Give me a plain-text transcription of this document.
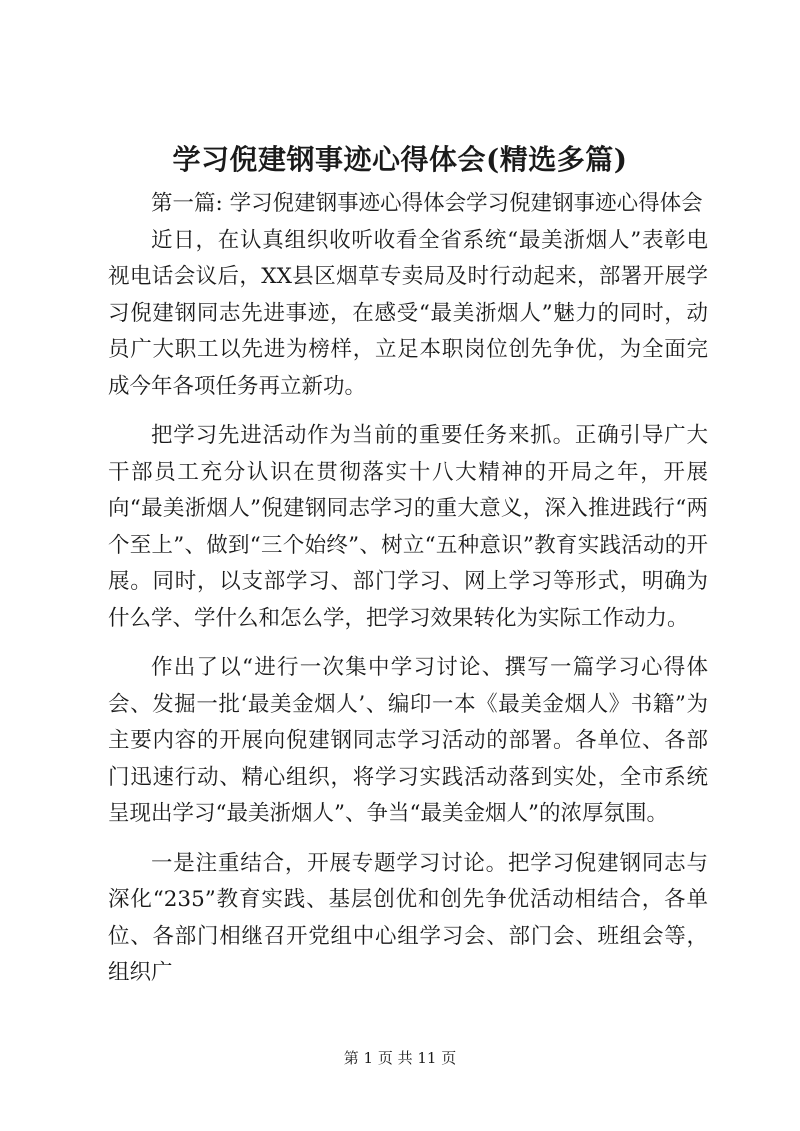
学习倪建钢事迹心得体会(精选多篇)

第一篇: 学习倪建钢事迹心得体会学习倪建钢事迹心得体会

近日，在认真组织收听收看全省系统“最美浙烟人”表彰电视电话会议后，XX县区烟草专卖局及时行动起来，部署开展学习倪建钢同志先进事迹，在感受“最美浙烟人”魅力的同时，动员广大职工以先进为榜样，立足本职岗位创先争优，为全面完成今年各项任务再立新功。

把学习先进活动作为当前的重要任务来抓。正确引导广大干部员工充分认识在贯彻落实十八大精神的开局之年，开展向“最美浙烟人”倪建钢同志学习的重大意义，深入推进践行“两个至上”、做到“三个始终”、树立“五种意识”教育实践活动的开展。同时，以支部学习、部门学习、网上学习等形式，明确为什么学、学什么和怎么学，把学习效果转化为实际工作动力。

作出了以“进行一次集中学习讨论、撰写一篇学习心得体会、发掘一批‘最美金烟人’、编印一本《最美金烟人》书籍”为主要内容的开展向倪建钢同志学习活动的部署。各单位、各部门迅速行动、精心组织，将学习实践活动落到实处，全市系统呈现出学习“最美浙烟人”、争当“最美金烟人”的浓厚氛围。

一是注重结合，开展专题学习讨论。把学习倪建钢同志与深化“235”教育实践、基层创优和创先争优活动相结合，各单位、各部门相继召开党组中心组学习会、部门会、班组会等，组织广

第 1 页 共 11 页
